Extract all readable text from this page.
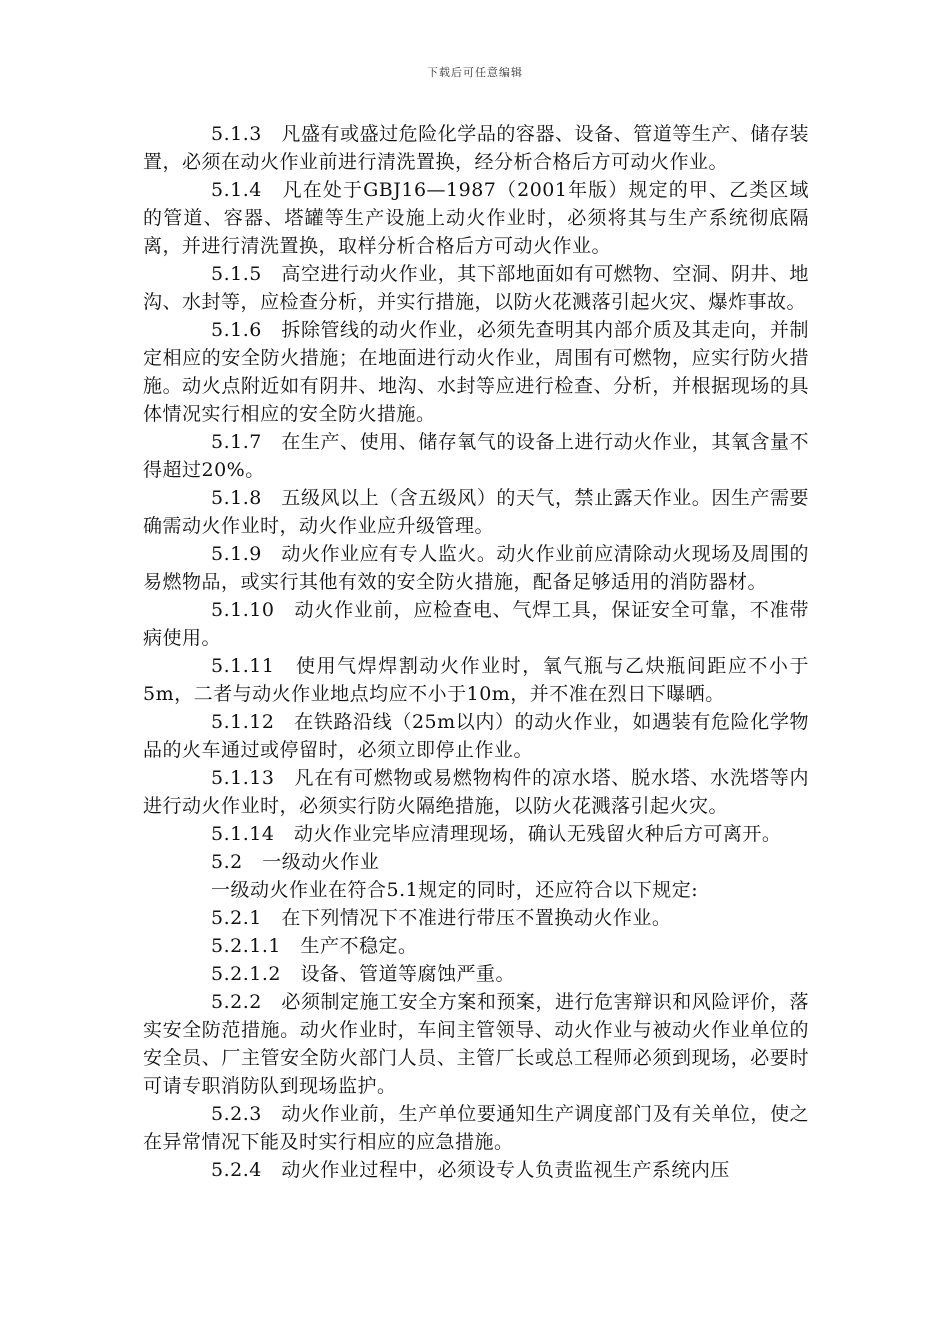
下载后可任意编辑

5.1.3　凡盛有或盛过危险化学品的容器、设备、管道等生产、储存装置，必须在动火作业前进行清洗置换，经分析合格后方可动火作业。

5.1.4　凡在处于GBJ16—1987（2001年版）规定的甲、乙类区域的管道、容器、塔罐等生产设施上动火作业时，必须将其与生产系统彻底隔离，并进行清洗置换，取样分析合格后方可动火作业。

5.1.5　高空进行动火作业，其下部地面如有可燃物、空洞、阴井、地沟、水封等，应检查分析，并实行措施，以防火花溅落引起火灾、爆炸事故。

5.1.6　拆除管线的动火作业，必须先查明其内部介质及其走向，并制定相应的安全防火措施；在地面进行动火作业，周围有可燃物，应实行防火措施。动火点附近如有阴井、地沟、水封等应进行检查、分析，并根据现场的具体情况实行相应的安全防火措施。

5.1.7　在生产、使用、储存氧气的设备上进行动火作业，其氧含量不得超过20%。

5.1.8　五级风以上（含五级风）的天气，禁止露天作业。因生产需要确需动火作业时，动火作业应升级管理。

5.1.9　动火作业应有专人监火。动火作业前应清除动火现场及周围的易燃物品，或实行其他有效的安全防火措施，配备足够适用的消防器材。

5.1.10　动火作业前，应检查电、气焊工具，保证安全可靠，不准带病使用。

5.1.11　使用气焊焊割动火作业时，氧气瓶与乙炔瓶间距应不小于5m，二者与动火作业地点均应不小于10m，并不准在烈日下曝晒。

5.1.12　在铁路沿线（25m以内）的动火作业，如遇装有危险化学物品的火车通过或停留时，必须立即停止作业。

5.1.13　凡在有可燃物或易燃物构件的凉水塔、脱水塔、水洗塔等内进行动火作业时，必须实行防火隔绝措施，以防火花溅落引起火灾。

5.1.14　动火作业完毕应清理现场，确认无残留火种后方可离开。

5.2　一级动火作业

一级动火作业在符合5.1规定的同时，还应符合以下规定:

5.2.1　在下列情况下不准进行带压不置换动火作业。

5.2.1.1　生产不稳定。

5.2.1.2　设备、管道等腐蚀严重。

5.2.2　必须制定施工安全方案和预案，进行危害辩识和风险评价，落实安全防范措施。动火作业时，车间主管领导、动火作业与被动火作业单位的安全员、厂主管安全防火部门人员、主管厂长或总工程师必须到现场，必要时可请专职消防队到现场监护。

5.2.3　动火作业前，生产单位要通知生产调度部门及有关单位，使之在异常情况下能及时实行相应的应急措施。

5.2.4　动火作业过程中，必须设专人负责监视生产系统内压
